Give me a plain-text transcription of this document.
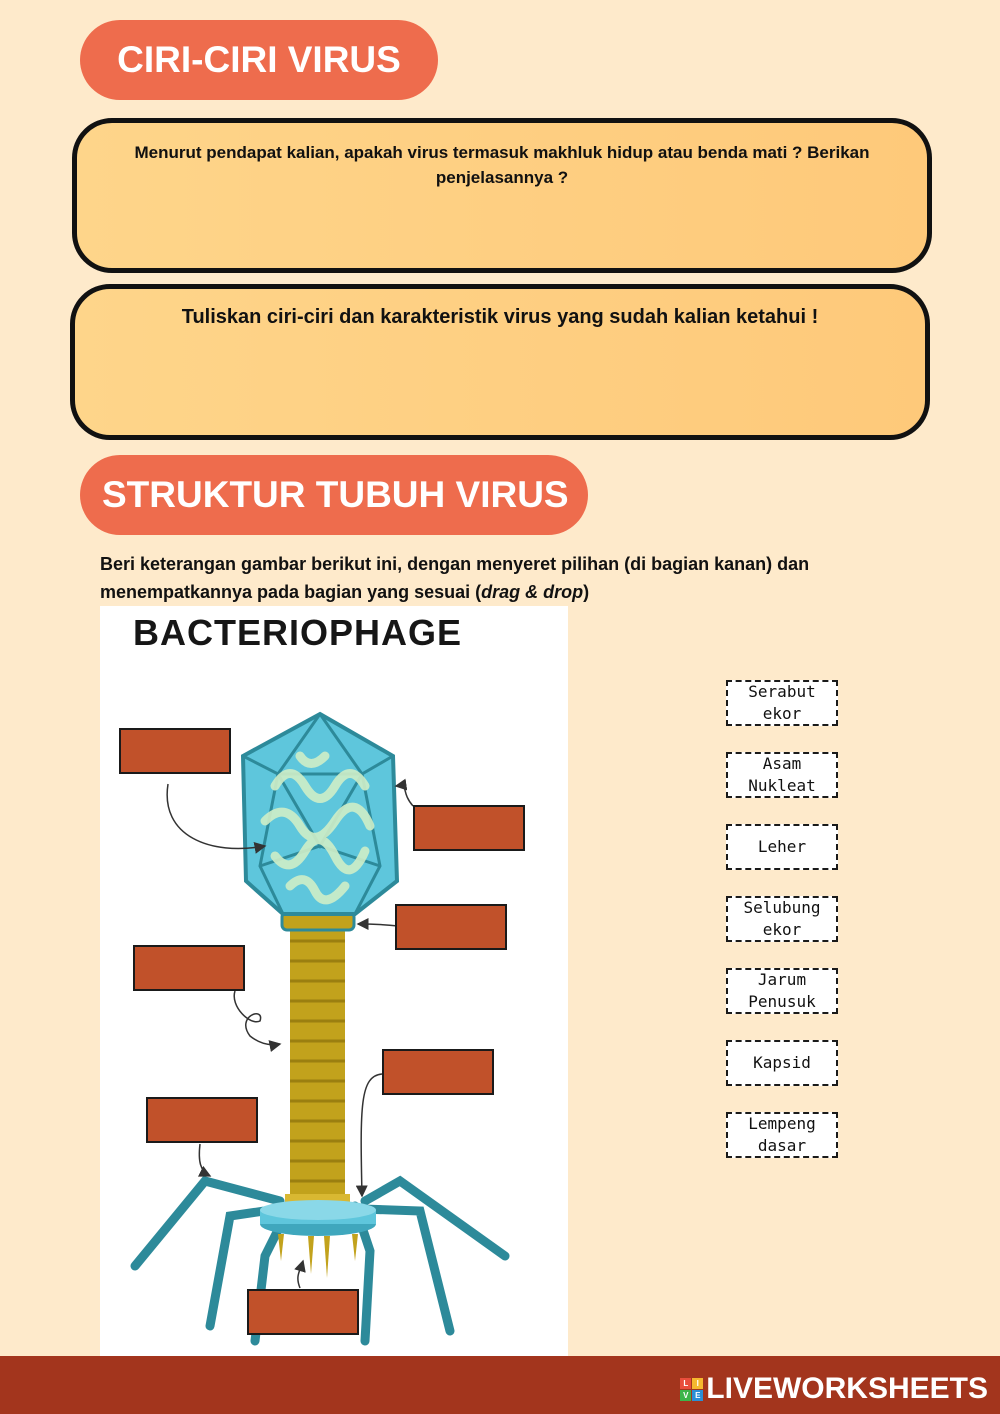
CIRI-CIRI VIRUS
Menurut pendapat kalian, apakah virus termasuk makhluk hidup atau benda mati ? Berikan penjelasannya ?
Tuliskan ciri-ciri dan karakteristik virus yang sudah kalian ketahui !
STRUKTUR TUBUH VIRUS
Beri keterangan gambar berikut ini, dengan menyeret pilihan (di bagian kanan) dan menempatkannya pada bagian yang sesuai (drag & drop)
BACTERIOPHAGE
Serabut ekor
Asam Nukleat
Leher
Selubung ekor
Jarum Penusuk
Kapsid
Lempeng dasar
L	I
V E LIVEWORKSHEETS
